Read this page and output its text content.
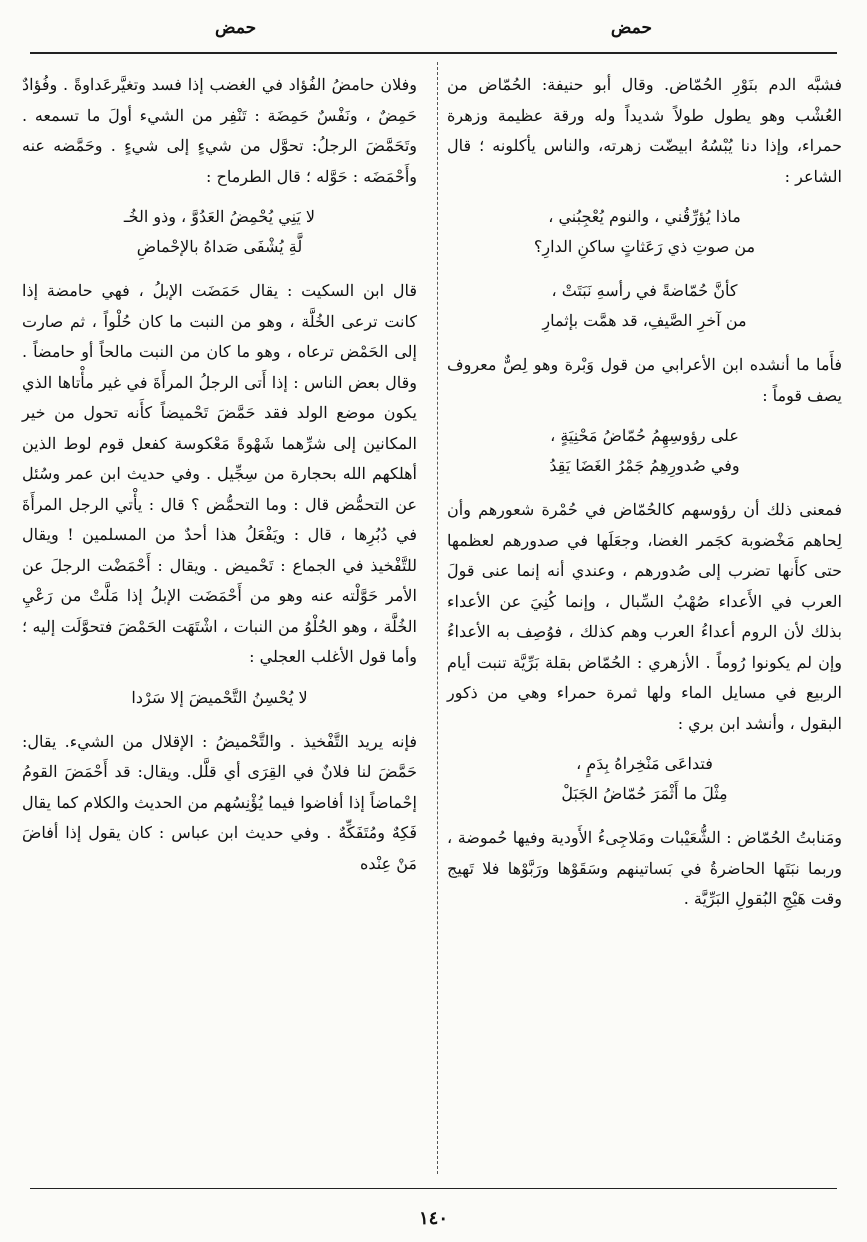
حمض
حمض

فشبَّه الدم بنَوْرِ الحُمّاض. وقال أبو حنيفة: الحُمّاض من العُشْب وهو يطول طولاً شديداً وله ورقة عظيمة وزهرة حمراء، وإذا دنا يُبْسُهُ ابيضّت زهرته، والناس يأكلونه ؛ قال الشاعر :

ماذا يُؤرِّقُني ، والنوم يُعْجِبُني ،
من صوتِ ذي رَعَثاتٍ ساكنِ الدارِ؟
كأنَّ حُمّاضةً في رأسهِ نَبَتَتْ ،
من آخرِ الصَّيفِ، قد همَّت بإثمارِ

فأَما ما أنشده ابن الأعرابي من قول وَبْرة وهو لِصٌّ معروف يصف قوماً :

على رؤوسِهِمُ حُمّاضُ مَحْنِيَةٍ ،
وفي صُدورِهِمُ جَمْرُ الغَضَا يَقِدُ

فمعنى ذلك أن رؤوسهم كالحُمّاض في حُمْرة شعورهم وأن لِحاهم مَخْضوبة كجَمر الغضا، وجعَلَها في صدورهم لعظمها حتى كأَنها تضرب إلى صُدورهم ، وعندي أنه إنما عنى قولَ العرب في الأَعداء صُهْبُ السِّبال ، وإنما كُنِيَ عن الأعداء بذلك لأن الروم أعداءُ العرب وهم كذلك ، فوُصِف به الأعداءُ وإن لم يكونوا رُوماً . الأزهري : الحُمّاض بقلة بَرِّيَّة تنبت أيام الربيع في مسايل الماء ولها ثمرة حمراء وهي من ذكور البقول ، وأنشد ابن بري :

فتداعَى مَنْخِراهُ بِدَمٍ ،
مِثْلَ ما أَثْمَرَ حُمّاضُ الجَبَلْ

ومَنابتُ الحُمّاض : الشُّعَيْبات ومَلاجِىءُ الأَودية وفيها حُموضة ، وربما نبَتَها الحاضرةُ في بَساتينهم وسَقَوْها ورَبَّوْها فلا تَهيج وقت هَيْجِ البُقولِ البَرِّيَّة .

وفلان حامضُ الفُؤاد في الغضب إذا فسد وتغيَّرعَداوةً . وفُؤادٌ حَمِضٌ ، ونَفْسٌ حَمِضَة : تَنْفِر من الشيء أولَ ما تسمعه . وتَحَمَّضَ الرجلُ: تحوَّل من شيءٍ إلى شيءٍ . وحَمَّضه عنه وأَحْمَضَه : حَوَّله ؛ قال الطرماح :

لا يَنِي يُحْمِضُ العَدُوَّ ، وذو الخُـ
لَّةِ يُشْفَى صَداهُ بالإحْماضِ

قال ابن السكيت : يقال حَمَضَت الإبلُ ، فهي حامضة إذا كانت ترعى الخُلَّة ، وهو من النبت ما كان حُلْواً ، ثم صارت إلى الحَمْض ترعاه ، وهو ما كان من النبت مالحاً أو حامضاً . وقال بعض الناس : إذا أَتى الرجلُ المرأَةَ في غير مأْتاها الذي يكون موضع الولد فقد حَمَّضَ تَحْميضاً كأَنه تحول من خير المكانين إلى شرِّهما شَهْوةً مَعْكوسة كفعل قوم لوط الذين أهلكهم الله بحجارة من سِجِّيل . وفي حديث ابن عمر وسُئل عن التحمُّض قال : وما التحمُّض ؟ قال : يأْتي الرجل المرأَةَ في دُبُرِها ، قال : ويَفْعَلُ هذا أحدٌ من المسلمين ! ويقال للتَّفْخيذ في الجماع : تَحْميض . ويقال : أَحْمَضْت الرجلَ عن الأمر حَوَّلْته عنه وهو من أَحْمَضَت الإبلُ إذا مَلَّتْ من رَعْيِ الخُلَّة ، وهو الحُلْوُ من النبات ، اشْتَهَت الحَمْضَ فتحوَّلَت إليه ؛ وأما قول الأغلب العجلي :

لا يُحْسِنُ التَّحْميضَ إلا سَرْدا

فإنه يريد التَّفْخيذ . والتَّحْميضُ : الإقلال من الشيء. يقال: حَمَّضَ لنا فلانٌ في القِرَى أي قلَّل. ويقال: قد أَحْمَضَ القومُ إحْماضاً إذا أفاضوا فيما يُؤْنِسُهم من الحديث والكلام كما يقال فَكِهٌ ومُتَفَكِّهٌ . وفي حديث ابن عباس : كان يقول إذا أفاضَ مَنْ عِنْده

١٤٠
